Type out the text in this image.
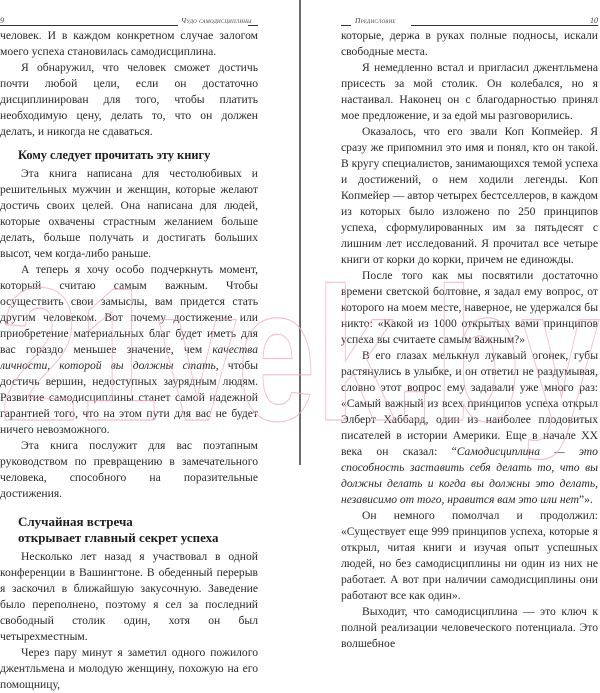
9	Чудо самодисциплины

человек. И в каждом конкретном случае залогом моего успеха становилась самодисциплина.

Я обнаружил, что человек сможет достичь почти любой цели, если он достаточно дисциплинирован для того, чтобы платить необходимую цену, делать то, что он должен делать, и никогда не сдаваться.

Кому следует прочитать эту книгу

Эта книга написана для честолюбивых и решительных мужчин и женщин, которые желают достичь своих целей. Она написана для людей, которые охвачены страстным желанием больше делать, больше получать и достигать больших высот, чем когда-либо раньше.

А теперь я хочу особо подчеркнуть момент, который считаю самым важным. Чтобы осуществить свои замыслы, вам придется стать другим человеком. Вот почему достижение или приобретение материальных благ будет иметь для вас гораздо меньшее значение, чем качества личности, которой вы должны стать, чтобы достичь вершин, недоступных заурядным людям. Развитие самодисциплины станет самой надежной гарантией того, что на этом пути для вас не будет ничего невозможного.

Эта книга послужит для вас поэтапным руководством по превращению в замечательного человека, способного на поразительные достижения.

Случайная встреча
открывает главный секрет успеха

Несколько лет назад я участвовал в одной конференции в Вашингтоне. В обеденный перерыв я заскочил в ближайшую закусочную. Заведение было переполнено, поэтому я сел за последний свободный столик один, хотя он был четырехместным.

Через пару минут я заметил одного пожилого джентльмена и молодую женщину, похожую на его помощницу,

Предисловие	10

которые, держа в руках полные подносы, искали свободные места.

Я немедленно встал и пригласил джентльмена присесть за мой столик. Он колебался, но я настаивал. Наконец он с благодарностью принял мое предложение, и за едой мы разговорились.

Оказалось, что его звали Коп Копмейер. Я сразу же припомнил это имя и понял, кто он такой. В кругу специалистов, занимающихся темой успеха и достижений, о нем ходили легенды. Коп Копмейер — автор четырех бестселлеров, в каждом из которых было изложено по 250 принципов успеха, сформулированных им за пятьдесят с лишним лет исследований. Я прочитал все четыре книги от корки до корки, причем не единожды.

После того как мы посвятили достаточно времени светской болтовне, я задал ему вопрос, от которого на моем месте, наверное, не удержался бы никто: «Какой из 1000 открытых вами принципов успеха вы считаете самым важным?»

В его глазах мелькнул лукавый огонек, губы растянулись в улыбке, и он ответил не раздумывая, словно этот вопрос ему задавали уже много раз: «Самый важный из всех принципов успеха открыл Элберт Хаббард, один из наиболее плодовитых писателей в истории Америки. Еще в начале XX века он сказал: “Самодисциплина — это способность заставить себя делать то, что вы должны делать и когда вы должны это делать, независимо от того, нравится вам это или нет”».

Он немного помолчал и продолжил: «Существует еще 999 принципов успеха, которые я открыл, читая книги и изучая опыт успешных людей, но без самодисциплины ни один из них не работает. А вот при наличии самодисциплины они работают все как один».

Выходит, что самодисциплина — это ключ к полной реализации человеческого потенциала. Это волшебное

21vek.by
